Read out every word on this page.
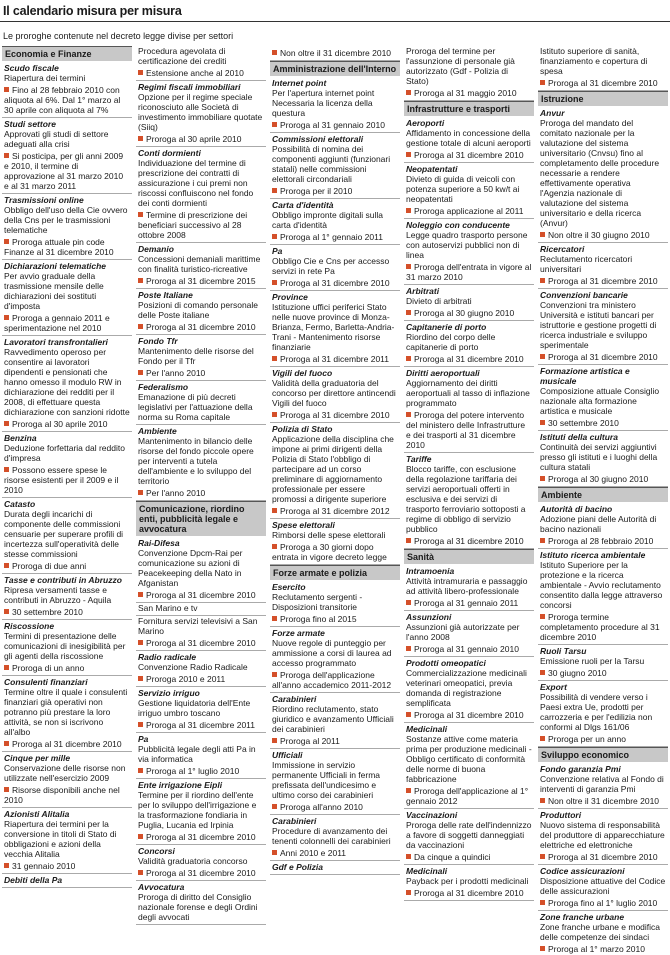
Il calendario misura per misura
Le proroghe contenute nel decreto legge divise per settori
Economia e Finanze
Scudo fiscale
Riapertura dei termini
Fino al 28 febbraio 2010 con aliquota al 6%. Dal 1° marzo al 30 aprile con aliquota al 7%
Studi settore
Approvati gli studi di settore adeguati alla crisi
Si posticipa, per gli anni 2009 e 2010, il termine di approvazione al 31 marzo 2010 e al 31 marzo 2011
Trasmissioni online
Obbligo dell'uso della Cie ovvero della Cns per le trasmissioni telematiche
Proroga attuale pin code Finanze al 31 dicembre 2010
Dichiarazioni telematiche
Per avvio graduale della trasmissione mensile delle dichiarazioni dei sostituti d'imposta
Proroga a gennaio 2011 e sperimentazione nel 2010
Lavoratori transfrontalieri
Ravvedimento operoso per consentire ai lavoratori dipendenti e pensionati che hanno omesso il modulo RW in dichiarazione dei redditi per il 2008, di effettuare questa dichiarazione con sanzioni ridotte
Proroga al 30 aprile 2010
Benzina
Deduzione forfettaria dal reddito d'impresa
Possono essere spese le risorse esistenti per il 2009 e il 2010
Catasto
Durata degli incarichi di componente delle commissioni censuarie per superare profili di incertezza sull'operatività delle stesse commissioni
Proroga di due anni
Tasse e contributi in Abruzzo
Ripresa versamenti tasse e contributi in Abruzzo - Aquila
30 settembre 2010
Riscossione
Termini di presentazione delle comunicazioni di inesigibilità per gli agenti della riscossione
Proroga di un anno
Consulenti finanziari
Termine oltre il quale i consulenti finanziari già operativi non potranno più prestare la loro attività, se non si iscrivono all'albo
Proroga al 31 dicembre 2010
Cinque per mille
Conservazione delle risorse non utilizzate nell'esercizio 2009
Risorse disponibili anche nel 2010
Azionisti Alitalia
Riapertura dei termini per la conversione in titoli di Stato di obbligazioni e azioni della vecchia Alitalia
31 gennaio 2010
Debiti della Pa
Procedura agevolata di certificazione dei crediti
Estensione anche al 2010
Regimi fiscali immobiliari
Opzione per il regime speciale riconosciuto alle Società di investimento immobiliare quotate (Siiq)
Proroga al 30 aprile 2010
Conti dormienti
Individuazione del termine di prescrizione dei contratti di assicurazione i cui premi non riscossi confluiscono nel fondo dei conti dormienti
Termine di prescrizione dei beneficiari successivo al 28 ottobre 2008
Demanio
Concessioni demaniali marittime con finalità turistico-ricreative
Proroga al 31 dicembre 2015
Poste Italiane
Posizioni di comando personale delle Poste italiane
Proroga al 31 dicembre 2010
Fondo Tfr
Mantenimento delle risorse del Fondo per il Tfr
Per l'anno 2010
Federalismo
Emanazione di più decreti legislativi per l'attuazione della norma su Roma capitale
Ambiente
Mantenimento in bilancio delle risorse del fondo piccole opere per interventi a tutela dell'ambiente e lo sviluppo del territorio
Per l'anno 2010
Comunicazione, riordino enti, pubblicità legale e avvocatura
Rai-Difesa
Convenzione Dpcm-Rai per comunicazione su azioni di Peacekeeping della Nato in Afganistan
Proroga al 31 dicembre 2010
San Marino e tv
Fornitura servizi televisivi a San Marino
Proroga al 31 dicembre 2010
Radio radicale
Convenzione Radio Radicale
Proroga 2010 e 2011
Servizio irriguo
Gestione liquidatoria dell'Ente irriguo umbro toscano
Proroga al 31 dicembre 2011
Pa
Pubblicità legale degli atti Pa in via informatica
Proroga al 1° luglio 2010
Ente irrigazione Eipli
Termine per il riordino dell'ente per lo sviluppo dell'irrigazione e la trasformazione fondiaria in Puglia, Lucania ed Irpinia
Proroga al 31 dicembre 2010
Concorsi
Validità graduatoria concorso
Proroga al 31 dicembre 2010
Avvocatura
Proroga di diritto del Consiglio nazionale forense e degli Ordini degli avvocati
Non oltre il 31 dicembre 2010
Amministrazione dell'Interno
Internet point
Per l'apertura internet point Necessaria la licenza della questura
Proroga al 31 gennaio 2010
Commissioni elettorali
Possibilità di nomina dei componenti aggiunti (funzionari statali) nelle commissioni elettorali circondariali
Proroga per il 2010
Carta d'identità
Obbligo impronte digitali sulla carta d'identità
Proroga al 1° gennaio 2011
Pa
Obbligo Cie e Cns per accesso servizi in rete Pa
Proroga al 31 dicembre 2010
Province
Istituzione uffici periferici Stato nelle nuove province di Monza-Brianza, Fermo, Barletta-Andria-Trani - Mantenimento risorse finanziarie
Proroga al 31 dicembre 2011
Vigili del fuoco
Validità della graduatoria del concorso per direttore antincendi Vigili del fuoco
Proroga al 31 dicembre 2010
Polizia di Stato
Applicazione della disciplina che impone ai primi dirigenti della Polizia di Stato l'obbligo di partecipare ad un corso preliminare di aggiornamento professionale per essere promossi a dirigente superiore
Proroga al 31 dicembre 2012
Spese elettorali
Rimborsi delle spese elettorali
Proroga a 30 giorni dopo entrata in vigore decreto legge
Forze armate e polizia
Esercito
Reclutamento sergenti -Disposizioni transitorie
Proroga fino al 2015
Forze armate
Nuove regole di punteggio per ammissione a corsi di laurea ad accesso programmato
Proroga dell'applicazione all'anno accademico 2011-2012
Carabinieri
Riordino reclutamento, stato giuridico e avanzamento Ufficiali dei carabinieri
Proroga al 2011
Ufficiali
Immissione in servizio permanente Ufficiali in ferma prefissata dell'undicesimo e ultimo corso dei carabinieri
Proroga all'anno 2010
Carabinieri
Procedure di avanzamento dei tenenti colonnelli dei carabinieri
Anni 2010 e 2011
Gdf e Polizia
Proroga del termine per l'assunzione di personale già autorizzato (Gdf - Polizia di Stato)
Proroga al 31 maggio 2010
Infrastrutture e trasporti
Aeroporti
Affidamento in concessione della gestione totale di alcuni aeroporti
Proroga al 31 dicembre 2010
Neopatentati
Divieto di guida di veicoli con potenza superiore a 50 kw/t ai neopatentati
Proroga applicazione al 2011
Noleggio con conducente
Legge quadro trasporto persone con autoservizi pubblici non di linea
Proroga dell'entrata in vigore al 31 marzo 2010
Arbitrati
Divieto di arbitrati
Proroga al 30 giugno 2010
Capitanerie di porto
Riordino del corpo delle capitanerie di porto
Proroga al 31 dicembre 2010
Diritti aeroportuali
Aggiornamento dei diritti aeroportuali al tasso di inflazione programmato
Proroga del potere intervento del ministero delle Infrastrutture e dei trasporti al 31 dicembre 2010
Tariffe
Blocco tariffe, con esclusione della regolazione tariffaria dei servizi aeroportuali offerti in esclusiva e dei servizi di trasporto ferroviario sottoposti a regime di obbligo di servizio pubblico
Proroga al 31 dicembre 2010
Sanità
Intramoenia
Attività intramuraria e passaggio ad attività libero-professionale
Proroga al 31 gennaio 2011
Assunzioni
Assunzioni già autorizzate per l'anno 2008
Proroga al 31 gennaio 2010
Prodotti omeopatici
Commercializzazione medicinali veterinari omeopatici, previa domanda di registrazione semplificata
Proroga al 31 dicembre 2010
Medicinali
Sostanze attive come materia prima per produzione medicinali - Obbligo certificato di conformità delle norme di buona fabbricazione
Proroga dell'applicazione al 1° gennaio 2012
Vaccinazioni
Proroga delle rate dell'indennizzo a favore di soggetti danneggiati da vaccinazioni
Da cinque a quindici
Medicinali
Payback per i prodotti medicinali
Proroga al 31 dicembre 2010
Istituto superiore di sanità, finanziamento e copertura di spesa
Proroga al 31 dicembre 2010
Istruzione
Anvur
Proroga del mandato del comitato nazionale per la valutazione del sistema universitario (Cnvsu) fino al completamento delle procedure necessarie a rendere effettivamente operativa l'Agenzia nazionale di valutazione del sistema universitario e della ricerca (Anvur)
Non oltre il 30 giugno 2010
Ricercatori
Reclutamento ricercatori universitari
Proroga al 31 dicembre 2010
Convenzioni bancarie
Convenzioni tra ministero Università e istituti bancari per istruttorie e gestione progetti di ricerca industriale e sviluppo sperimentale
Proroga al 31 dicembre 2010
Formazione artistica e musicale
Composizione attuale Consiglio nazionale alta formazione artistica e musicale
30 settembre 2010
Istituti della cultura
Continuità dei servizi aggiuntivi presso gli istituti e i luoghi della cultura statali
Proroga al 30 giugno 2010
Ambiente
Autorità di bacino
Adozione piani delle Autorità di bacino nazionali
Proroga al 28 febbraio 2010
Istituto ricerca ambientale
Istituto Superiore per la protezione e la ricerca ambientale - Avvio reclutamento consentito dalla legge attraverso concorsi
Proroga termine completamento procedure al 31 dicembre 2010
Ruoli Tarsu
Emissione ruoli per la Tarsu
30 giugno 2010
Export
Possibilità di vendere verso i Paesi extra Ue, prodotti per carrozzeria e per l'edilizia non conformi al Dlgs 161/06
Proroga per un anno
Sviluppo economico
Fondo garanzia Pmi
Convenzione relativa al Fondo di interventi di garanzia Pmi
Non oltre il 31 dicembre 2010
Produttori
Nuovo sistema di responsabilità del produttore di apparecchiature elettriche ed elettroniche
Proroga al 31 dicembre 2010
Codice assicurazioni
Disposizione attuative del Codice delle assicurazioni
Proroga fino al 1° luglio 2010
Zone franche urbane
Zone franche urbane e modifica delle competenze dei sindaci
Proroga al 1° marzo 2010
